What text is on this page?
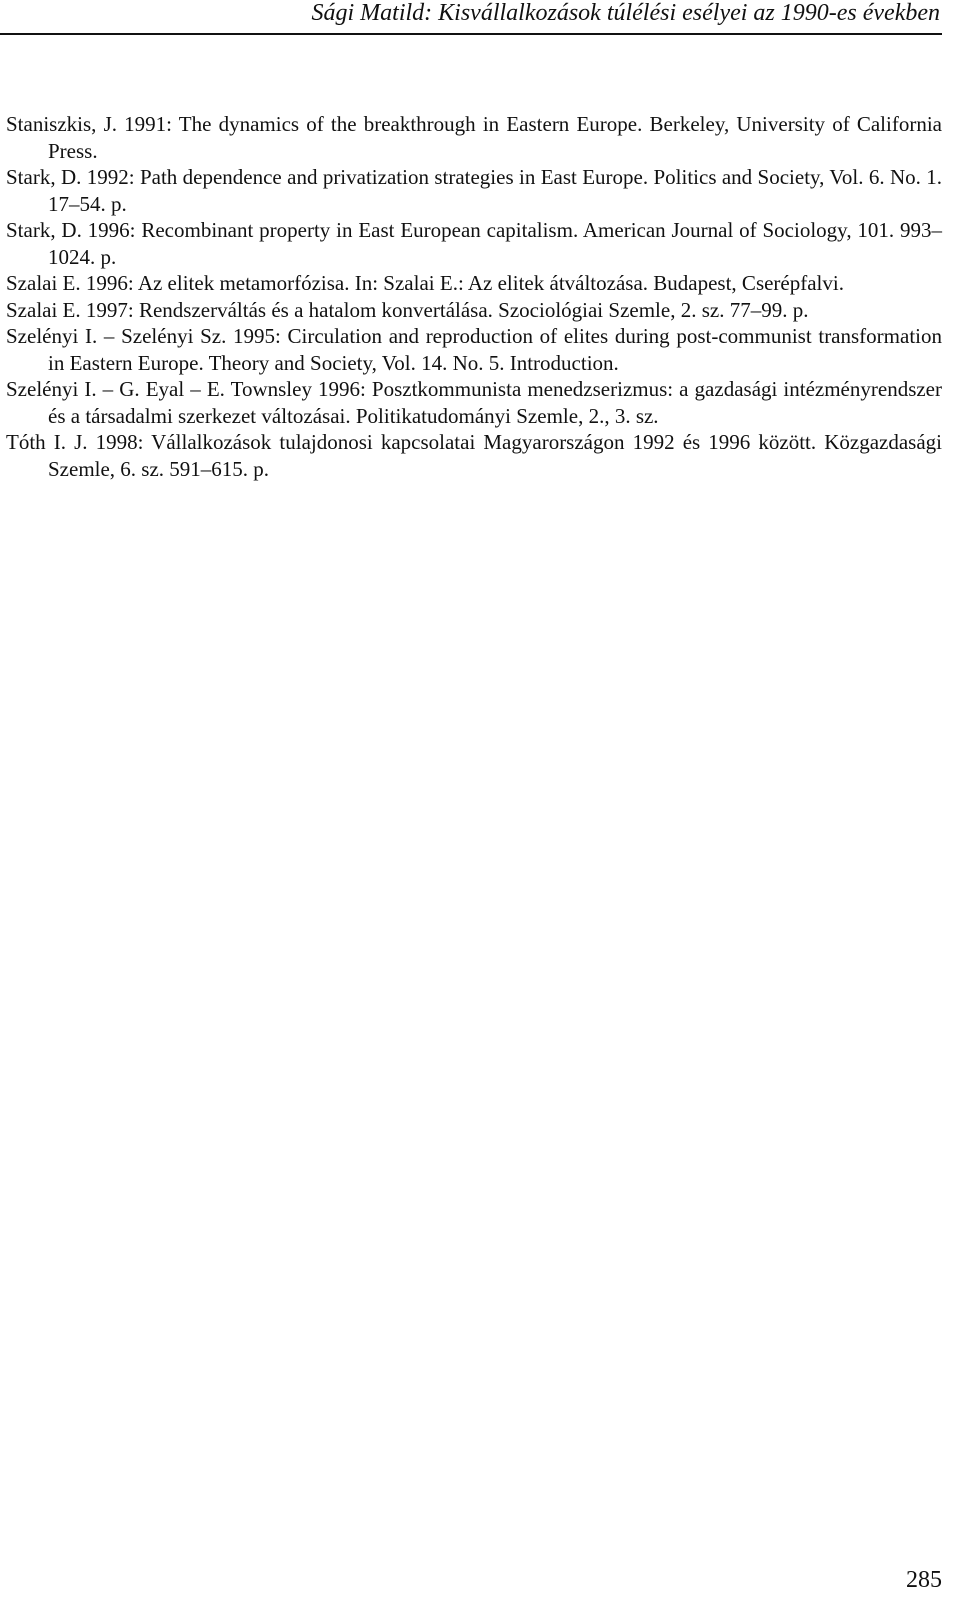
Sági Matild: Kisvállalkozások túlélési esélyei az 1990-es években

Staniszkis, J. 1991: The dynamics of the breakthrough in Eastern Europe. Berkeley, University of California Press.

Stark, D. 1992: Path dependence and privatization strategies in East Europe. Politics and Society, Vol. 6. No. 1. 17–54. p.

Stark, D. 1996: Recombinant property in East European capitalism. American Journal of Sociology, 101. 993–1024. p.

Szalai E. 1996: Az elitek metamorfózisa. In: Szalai E.: Az elitek átváltozása. Budapest, Cserépfalvi.

Szalai E. 1997: Rendszerváltás és a hatalom konvertálása. Szociológiai Szemle, 2. sz. 77–99. p.

Szelényi I. – Szelényi Sz. 1995: Circulation and reproduction of elites during post-communist transformation in Eastern Europe. Theory and Society, Vol. 14. No. 5. Introduction.

Szelényi I. – G. Eyal – E. Townsley 1996: Posztkommunista menedzserizmus: a gazdasági intézményrendszer és a társadalmi szerkezet változásai. Politikatudományi Szemle, 2., 3. sz.

Tóth I. J. 1998: Vállalkozások tulajdonosi kapcsolatai Magyarországon 1992 és 1996 között. Közgazdasági Szemle, 6. sz. 591–615. p.

285
